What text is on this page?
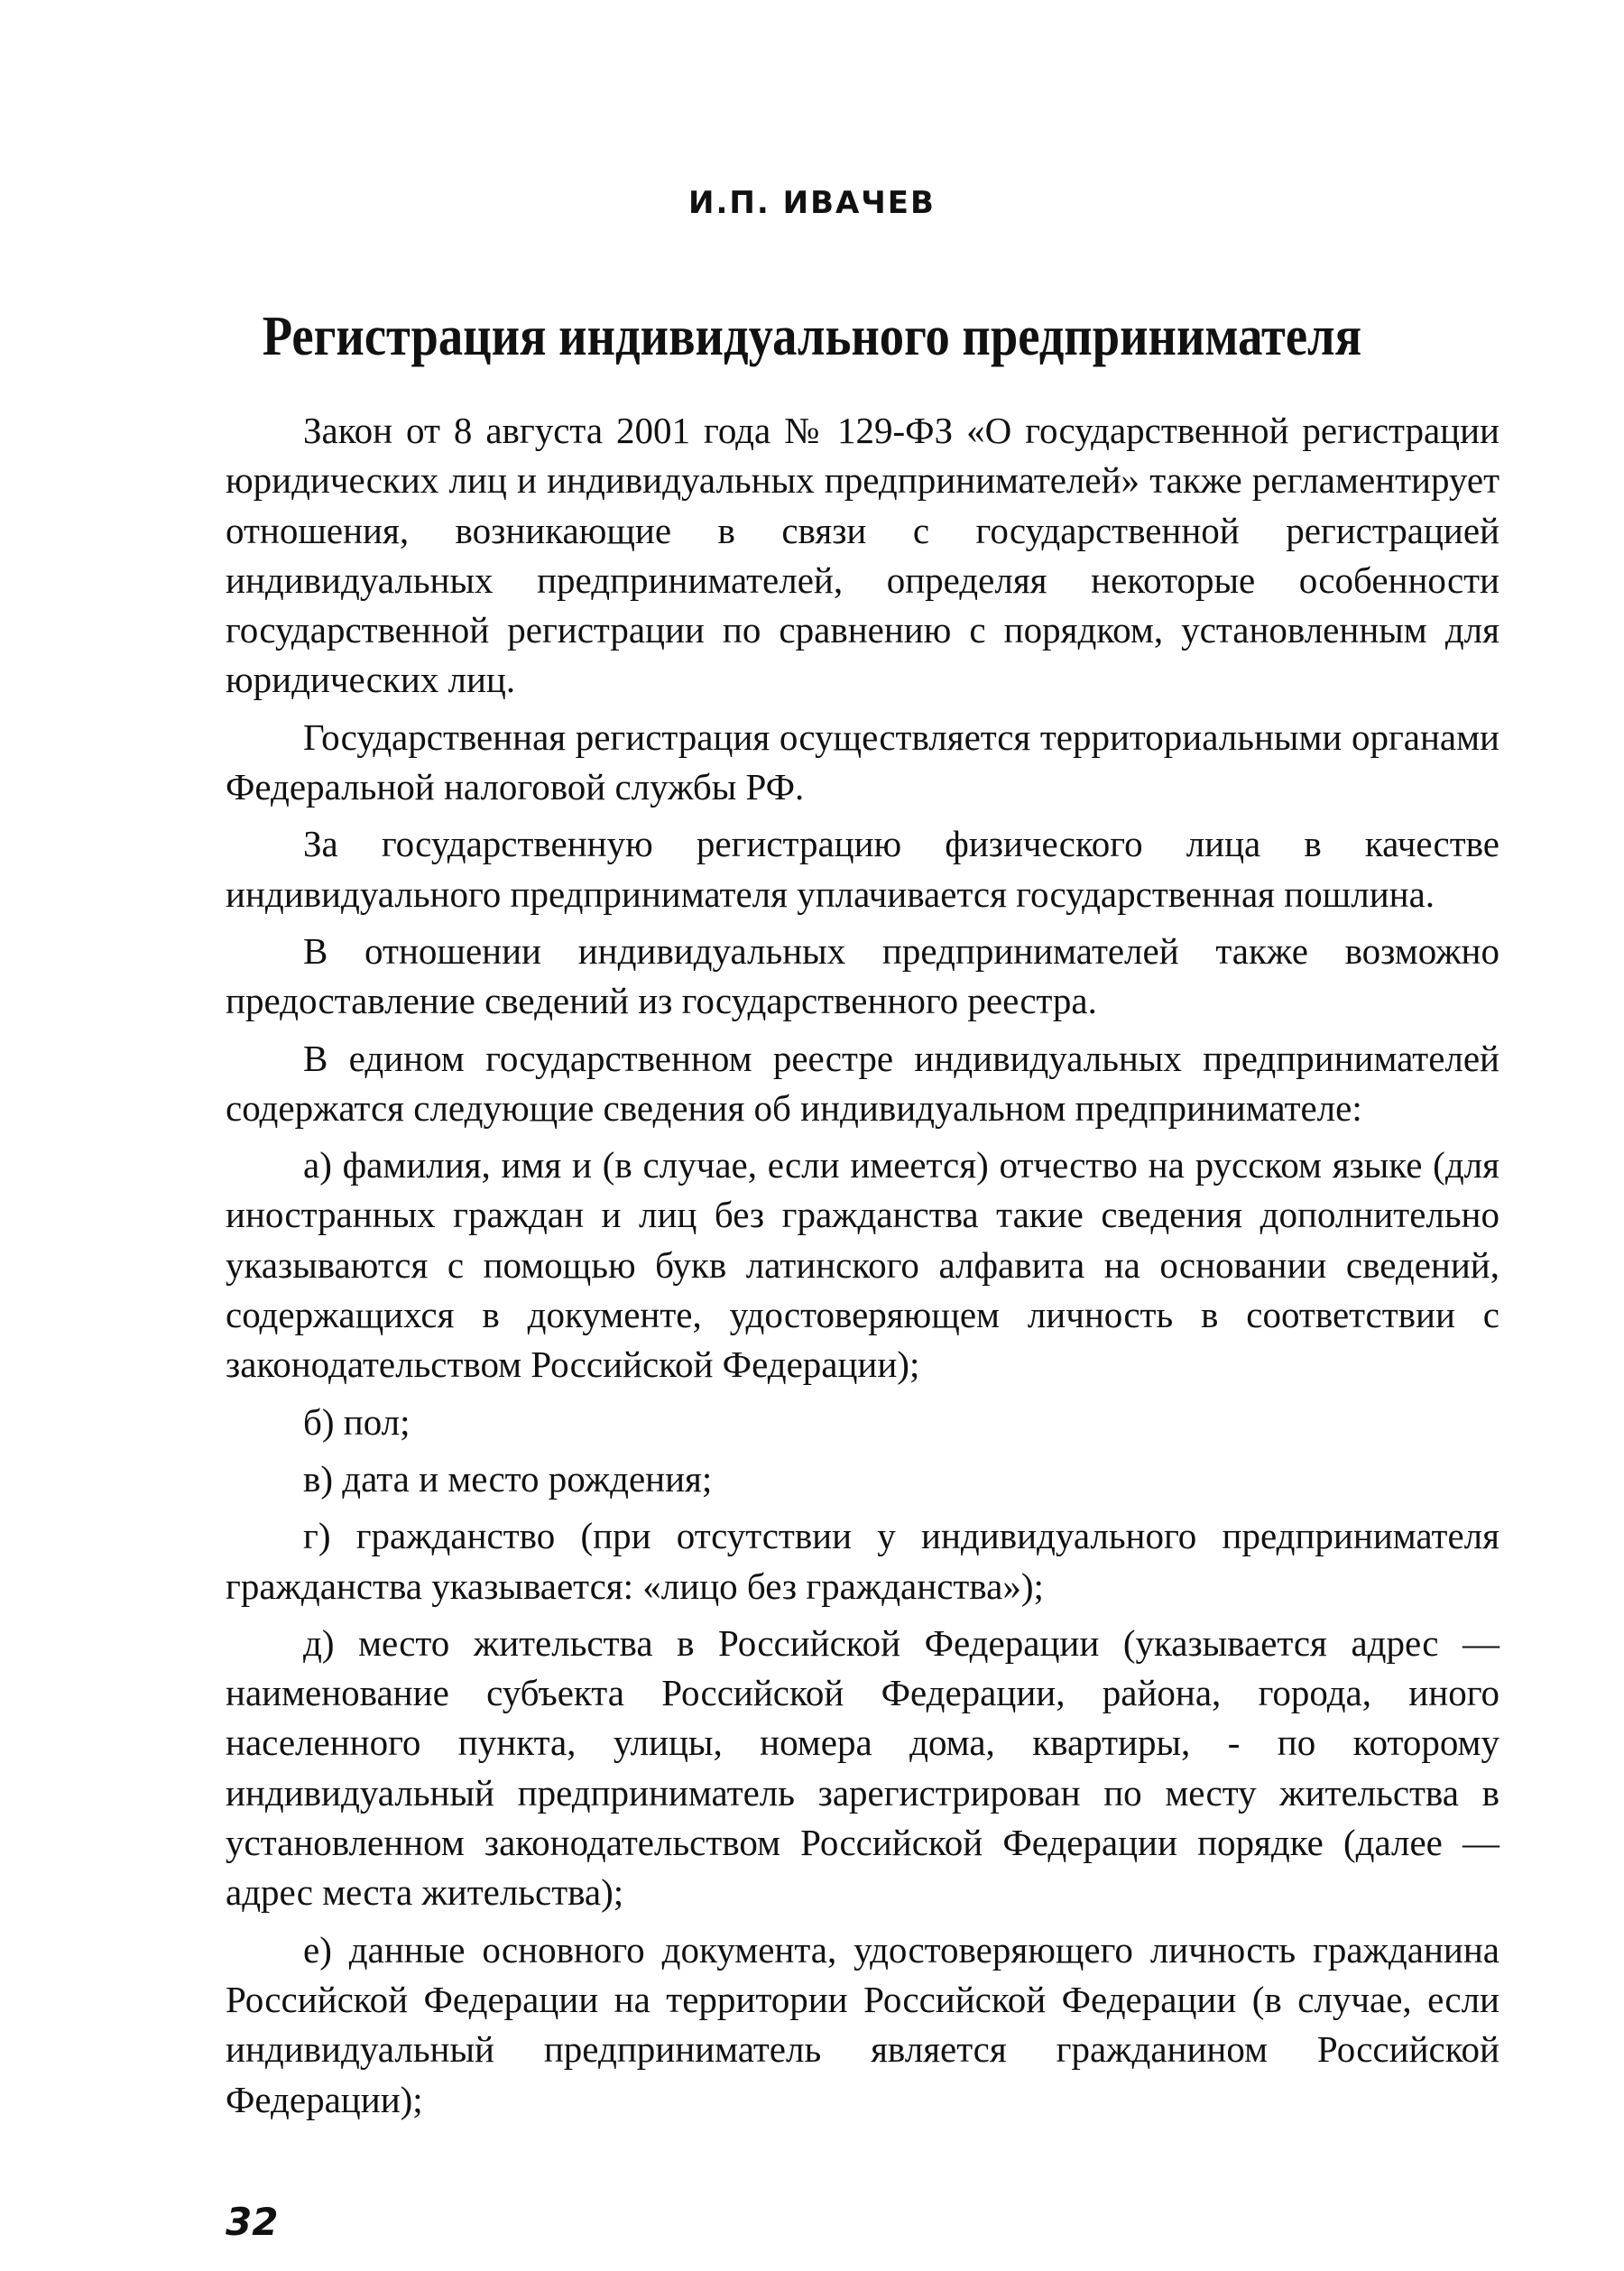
И.П. ИВАЧЕВ
Регистрация индивидуального предпринимателя

Закон от 8 августа 2001 года № 129-ФЗ «О государственной регистрации юридических лиц и индивидуальных предпринимателей» также регламентирует отношения, возникающие в связи с государственной регистрацией индивидуальных предпринимателей, определяя некоторые особенности государственной регистрации по сравнению с порядком, установленным для юридических лиц.

Государственная регистрация осуществляется территориальными органами Федеральной налоговой службы РФ.

За государственную регистрацию физического лица в качестве индивидуального предпринимателя уплачивается государственная пошлина.

В отношении индивидуальных предпринимателей также возможно предоставление сведений из государственного реестра.

В едином государственном реестре индивидуальных предпринимателей содержатся следующие сведения об индивидуальном предпринимателе:

а) фамилия, имя и (в случае, если имеется) отчество на русском языке (для иностранных граждан и лиц без гражданства такие сведения дополнительно указываются с помощью букв латинского алфавита на основании сведений, содержащихся в документе, удостоверяющем личность в соответствии с законодательством Российской Федерации);

б) пол;

в) дата и место рождения;

г) гражданство (при отсутствии у индивидуального предпринимателя гражданства указывается: «лицо без гражданства»);

д) место жительства в Российской Федерации (указывается адрес — наименование субъекта Российской Федерации, района, города, иного населенного пункта, улицы, номера дома, квартиры, - по которому индивидуальный предприниматель зарегистрирован по месту жительства в установленном законодательством Российской Федерации порядке (далее — адрес места жительства);

е) данные основного документа, удостоверяющего личность гражданина Российской Федерации на территории Российской Федерации (в случае, если индивидуальный предприниматель является гражданином Российской Федерации);

32
